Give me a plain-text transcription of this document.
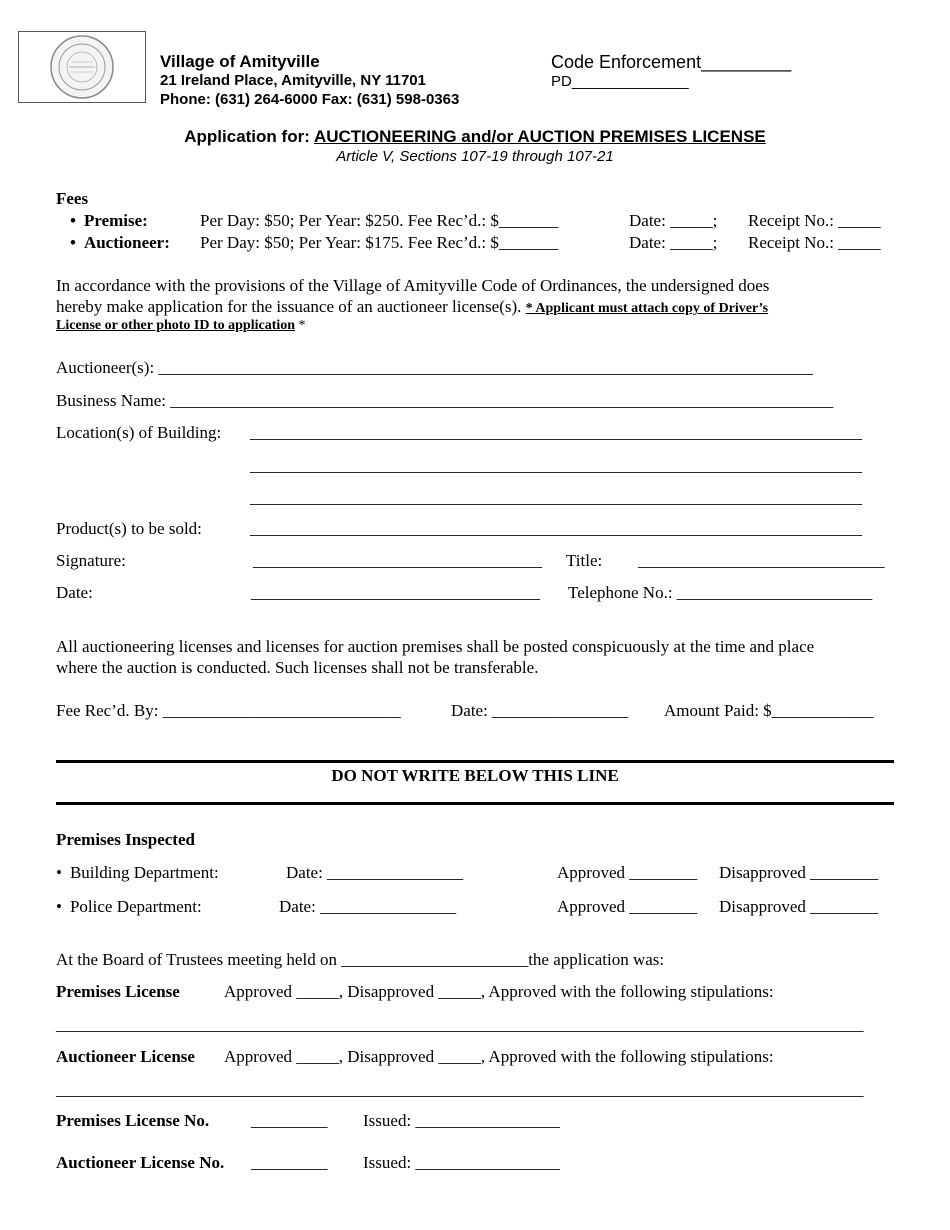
Village of Amityville
21 Ireland Place, Amityville, NY 11701
Phone: (631) 264-6000 Fax: (631) 598-0363
Code Enforcement_________
PD______________
Application for: AUCTIONEERING and/or AUCTION PREMISES LICENSE
Article V, Sections 107-19 through 107-21
Fees
• Premise:	Per Day: $50; Per Year: $250. Fee Rec’d.: $_______	Date: _____; Receipt No.: _____
• Auctioneer: Per Day: $50; Per Year: $175. Fee Rec’d.: $_______	Date: _____; Receipt No.: _____
In accordance with the provisions of the Village of Amityville Code of Ordinances, the undersigned does
hereby make application for the issuance of an auctioneer license(s). * Applicant must attach copy of Driver’s
License or other photo ID to application *
Auctioneer(s): _____________________________________________________________________________
Business Name: ______________________________________________________________________________
Location(s) of Building: ________________________________________________________________________
________________________________________________________________________
________________________________________________________________________
Product(s) to be sold:	________________________________________________________________________
Signature:	__________________________________ Title: _____________________________
Date:	__________________________________ Telephone No.: _______________________
All auctioneering licenses and licenses for auction premises shall be posted conspicuously at the time and place
where the auction is conducted. Such licenses shall not be transferable.
Fee Rec’d. By: ____________________________	Date: ________________ Amount Paid: $____________
DO NOT WRITE BELOW THIS LINE
Premises Inspected
• Building Department:	Date: ________________	Approved ________ Disapproved ________
• Police Department:	Date: ________________	Approved ________ Disapproved ________
At the Board of Trustees meeting held on ______________________the application was:
Premises License	Approved _____, Disapproved _____, Approved with the following stipulations:
_______________________________________________________________________________________________
Auctioneer License Approved _____, Disapproved _____, Approved with the following stipulations:
_______________________________________________________________________________________________
Premises License No. _________ Issued: _________________
Auctioneer License No. _________ Issued: _________________
